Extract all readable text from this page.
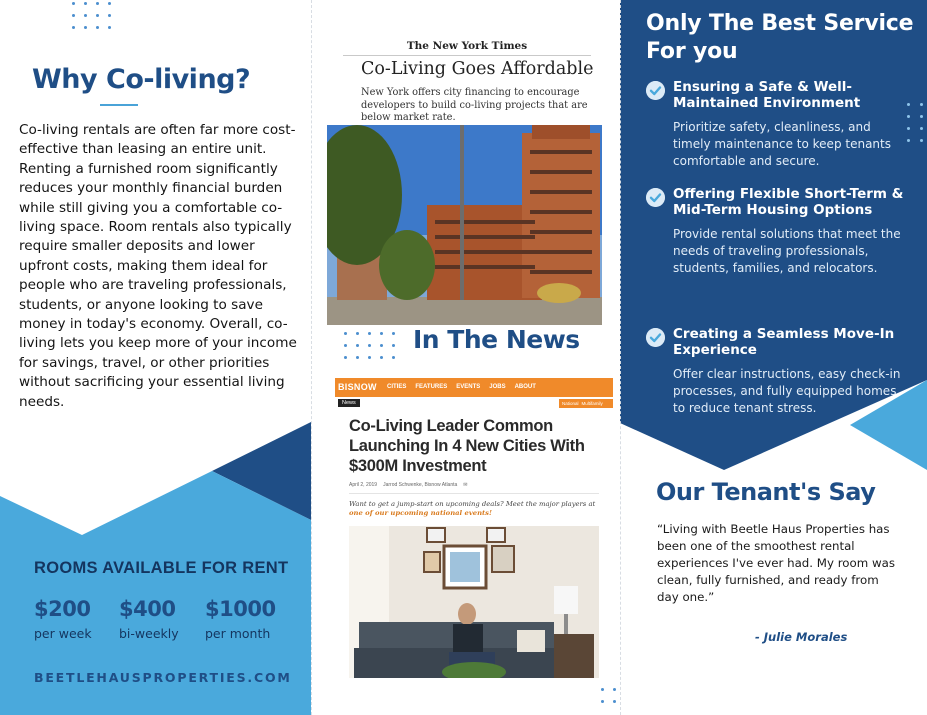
Why Co-living?

Co-living rentals are often far more cost-effective than leasing an entire unit. Renting a furnished room significantly reduces your monthly financial burden while still giving you a comfortable co-living space. Room rentals also typically require smaller deposits and lower upfront costs, making them ideal for people who are traveling professionals, students, or anyone looking to save money in today's economy. Overall, co-living lets you keep more of your income for savings, travel, or other priorities without sacrificing your essential living needs.

ROOMS AVAILABLE FOR RENT
$200
per week
$400
bi-weekly
$1000
per month
BEETLEHAUSPROPERTIES.COM
The New York Times
Co-Living Goes Affordable
New York offers city financing to encourage developers to build co-living projects that are below market rate.
In The News
BISNOW CITIES FEATURES EVENTS JOBS ABOUT
News	National Multifamily
Co-Living Leader Common Launching In 4 New Cities With $300M Investment
April 2, 2019 Jarrod Schwenke, Bisnow Atlanta ✉
Want to get a jump-start on upcoming deals? Meet the major players at one of our upcoming national events!
Only The Best Service For you
Ensuring a Safe & Well-Maintained Environment
Prioritize safety, cleanliness, and timely maintenance to keep tenants comfortable and secure.
Offering Flexible Short-Term & Mid-Term Housing Options
Provide rental solutions that meet the needs of traveling professionals, students, families, and relocators.
Creating a Seamless Move-In Experience
Offer clear instructions, easy check-in processes, and fully equipped homes to reduce tenant stress.
Our Tenant's Say

“Living with Beetle Haus Properties has been one of the smoothest rental experiences I've ever had. My room was clean, fully furnished, and ready from day one.”

- Julie Morales
